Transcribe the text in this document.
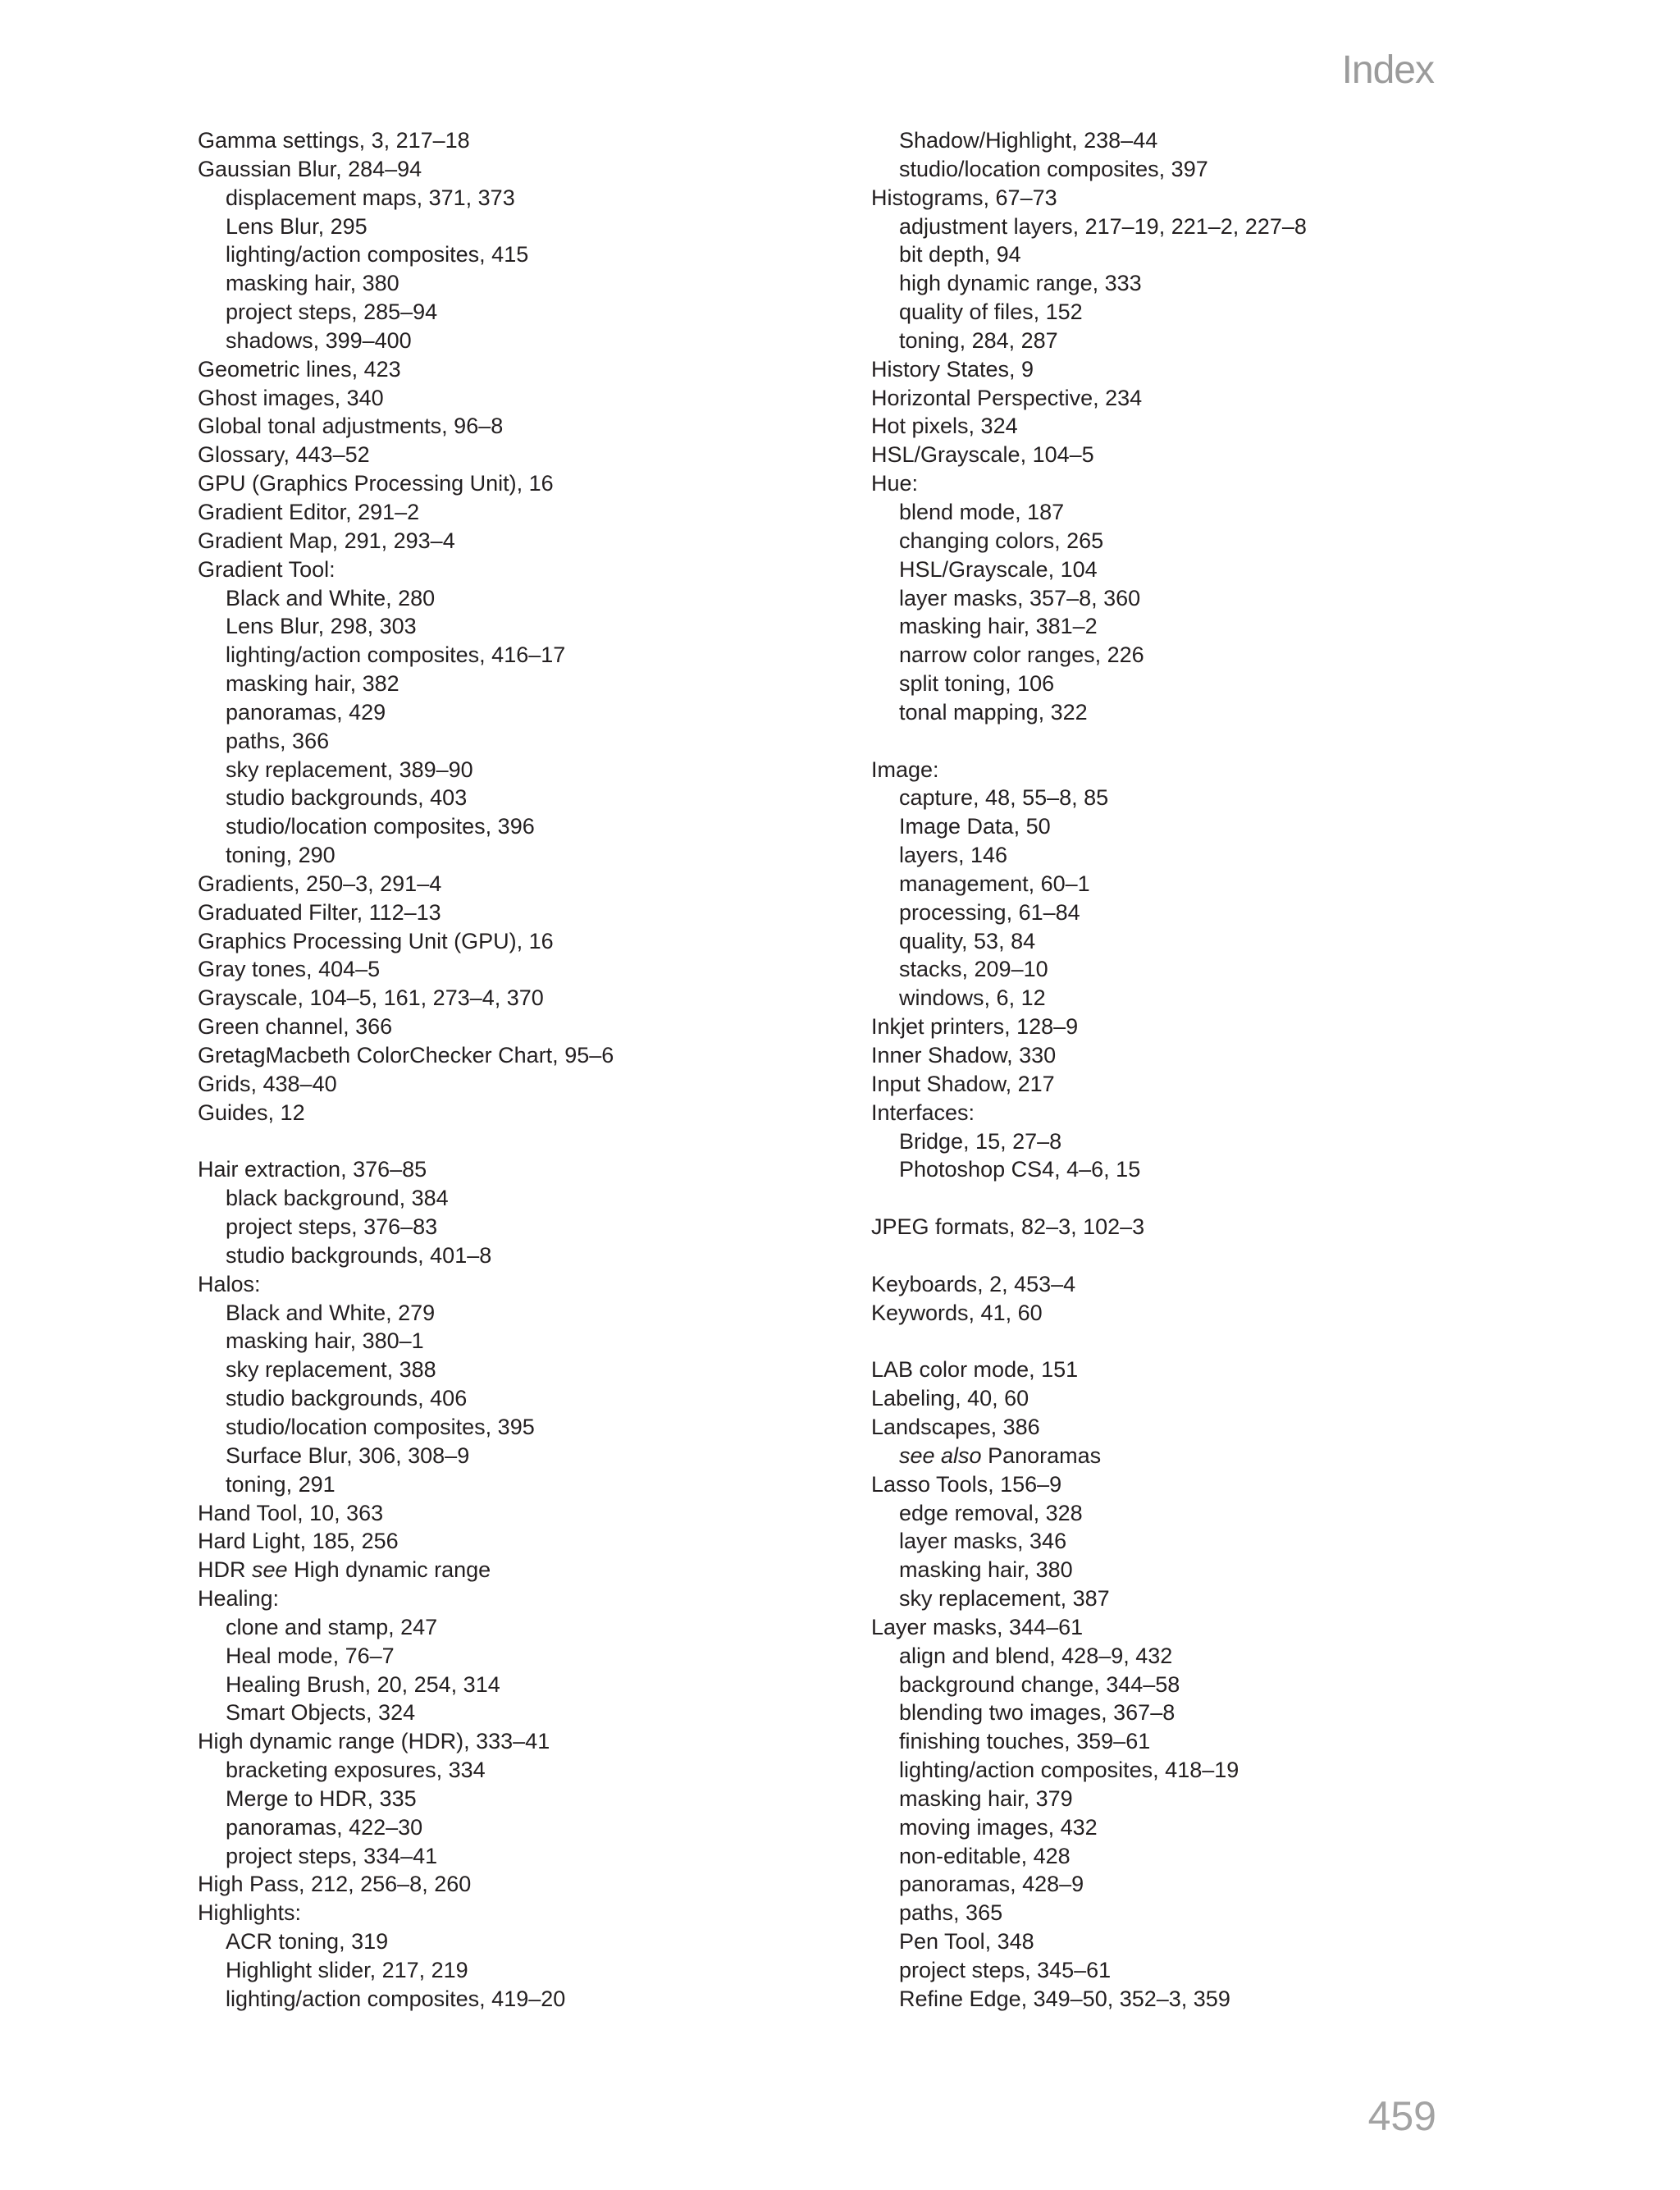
Index
Gamma settings, 3, 217–18
Gaussian Blur, 284–94
displacement maps, 371, 373
Lens Blur, 295
lighting/action composites, 415
masking hair, 380
project steps, 285–94
shadows, 399–400
Geometric lines, 423
Ghost images, 340
Global tonal adjustments, 96–8
Glossary, 443–52
GPU (Graphics Processing Unit), 16
Gradient Editor, 291–2
Gradient Map, 291, 293–4
Gradient Tool:
Black and White, 280
Lens Blur, 298, 303
lighting/action composites, 416–17
masking hair, 382
panoramas, 429
paths, 366
sky replacement, 389–90
studio backgrounds, 403
studio/location composites, 396
toning, 290
Gradients, 250–3, 291–4
Graduated Filter, 112–13
Graphics Processing Unit (GPU), 16
Gray tones, 404–5
Grayscale, 104–5, 161, 273–4, 370
Green channel, 366
GretagMacbeth ColorChecker Chart, 95–6
Grids, 438–40
Guides, 12
Hair extraction, 376–85
black background, 384
project steps, 376–83
studio backgrounds, 401–8
Halos:
Black and White, 279
masking hair, 380–1
sky replacement, 388
studio backgrounds, 406
studio/location composites, 395
Surface Blur, 306, 308–9
toning, 291
Hand Tool, 10, 363
Hard Light, 185, 256
HDR see High dynamic range
Healing:
clone and stamp, 247
Heal mode, 76–7
Healing Brush, 20, 254, 314
Smart Objects, 324
High dynamic range (HDR), 333–41
bracketing exposures, 334
Merge to HDR, 335
panoramas, 422–30
project steps, 334–41
High Pass, 212, 256–8, 260
Highlights:
ACR toning, 319
Highlight slider, 217, 219
lighting/action composites, 419–20
Shadow/Highlight, 238–44
studio/location composites, 397
Histograms, 67–73
adjustment layers, 217–19, 221–2, 227–8
bit depth, 94
high dynamic range, 333
quality of files, 152
toning, 284, 287
History States, 9
Horizontal Perspective, 234
Hot pixels, 324
HSL/Grayscale, 104–5
Hue:
blend mode, 187
changing colors, 265
HSL/Grayscale, 104
layer masks, 357–8, 360
masking hair, 381–2
narrow color ranges, 226
split toning, 106
tonal mapping, 322
Image:
capture, 48, 55–8, 85
Image Data, 50
layers, 146
management, 60–1
processing, 61–84
quality, 53, 84
stacks, 209–10
windows, 6, 12
Inkjet printers, 128–9
Inner Shadow, 330
Input Shadow, 217
Interfaces:
Bridge, 15, 27–8
Photoshop CS4, 4–6, 15
JPEG formats, 82–3, 102–3
Keyboards, 2, 453–4
Keywords, 41, 60
LAB color mode, 151
Labeling, 40, 60
Landscapes, 386
see also Panoramas
Lasso Tools, 156–9
edge removal, 328
layer masks, 346
masking hair, 380
sky replacement, 387
Layer masks, 344–61
align and blend, 428–9, 432
background change, 344–58
blending two images, 367–8
finishing touches, 359–61
lighting/action composites, 418–19
masking hair, 379
moving images, 432
non-editable, 428
panoramas, 428–9
paths, 365
Pen Tool, 348
project steps, 345–61
Refine Edge, 349–50, 352–3, 359
459
